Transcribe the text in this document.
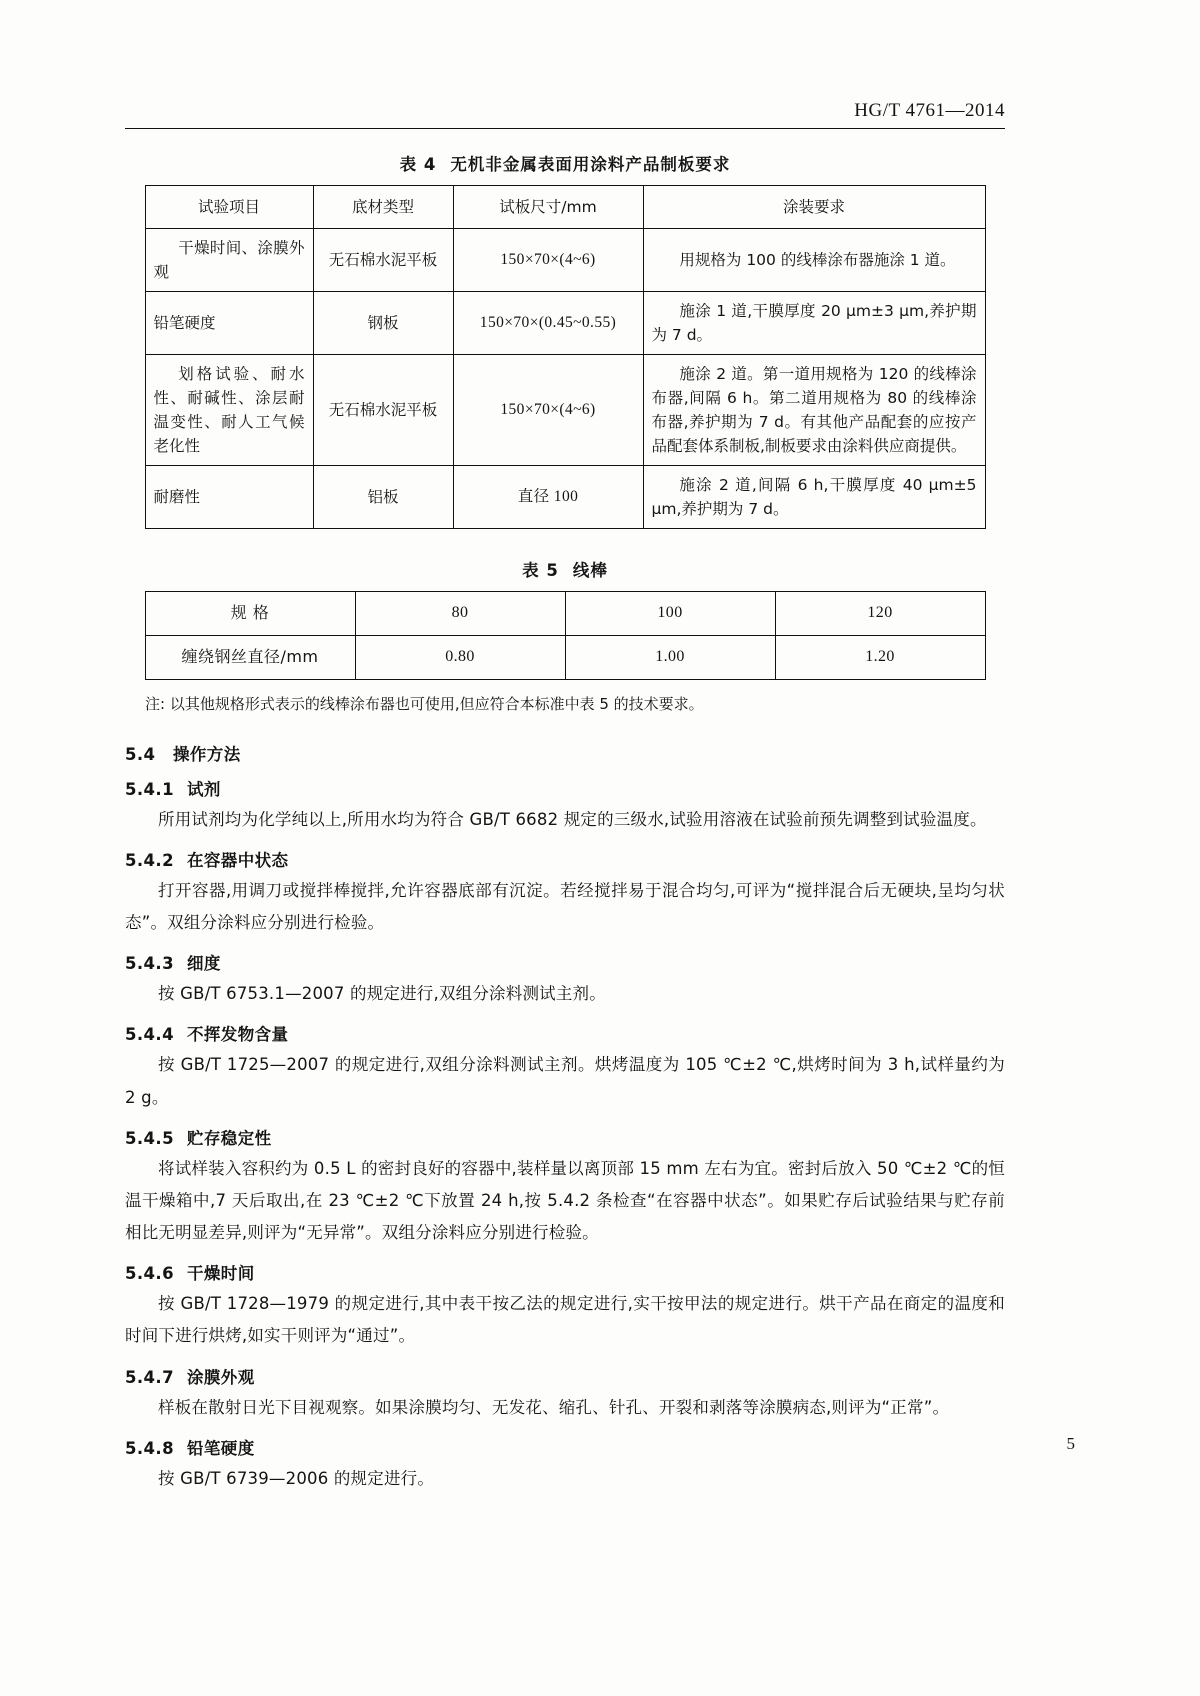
HG/T 4761—2014
表 4 无机非金属表面用涂料产品制板要求
试验项目	底材类型	试板尺寸/mm	涂装要求
干燥时间、涂膜外观	无石棉水泥平板	150×70×(4~6)	用规格为 100 的线棒涂布器施涂 1 道。
铅笔硬度	钢板	150×70×(0.45~0.55)	施涂 1 道,干膜厚度 20 μm±3 μm,养护期为 7 d。
划格试验、耐水性、耐碱性、涂层耐温变性、耐人工气候老化性	无石棉水泥平板	150×70×(4~6)	施涂 2 道。第一道用规格为 120 的线棒涂布器,间隔 6 h。第二道用规格为 80 的线棒涂布器,养护期为 7 d。有其他产品配套的应按产品配套体系制板,制板要求由涂料供应商提供。
耐磨性	铝板	直径 100	施涂 2 道,间隔 6 h,干膜厚度 40 μm±5 μm,养护期为 7 d。
表 5 线棒
规 格	80	100	120
缠绕钢丝直径/mm	0.80	1.00	1.20
注: 以其他规格形式表示的线棒涂布器也可使用,但应符合本标准中表 5 的技术要求。
5.4 操作方法
5.4.1 试剂

所用试剂均为化学纯以上,所用水均为符合 GB/T 6682 规定的三级水,试验用溶液在试验前预先调整到试验温度。

5.4.2 在容器中状态

打开容器,用调刀或搅拌棒搅拌,允许容器底部有沉淀。若经搅拌易于混合均匀,可评为“搅拌混合后无硬块,呈均匀状态”。双组分涂料应分别进行检验。

5.4.3 细度

按 GB/T 6753.1—2007 的规定进行,双组分涂料测试主剂。

5.4.4 不挥发物含量

按 GB/T 1725—2007 的规定进行,双组分涂料测试主剂。烘烤温度为 105 ℃±2 ℃,烘烤时间为 3 h,试样量约为 2 g。

5.4.5 贮存稳定性

将试样装入容积约为 0.5 L 的密封良好的容器中,装样量以离顶部 15 mm 左右为宜。密封后放入 50 ℃±2 ℃的恒温干燥箱中,7 天后取出,在 23 ℃±2 ℃下放置 24 h,按 5.4.2 条检查“在容器中状态”。如果贮存后试验结果与贮存前相比无明显差异,则评为“无异常”。双组分涂料应分别进行检验。

5.4.6 干燥时间

按 GB/T 1728—1979 的规定进行,其中表干按乙法的规定进行,实干按甲法的规定进行。烘干产品在商定的温度和时间下进行烘烤,如实干则评为“通过”。

5.4.7 涂膜外观

样板在散射日光下目视观察。如果涂膜均匀、无发花、缩孔、针孔、开裂和剥落等涂膜病态,则评为“正常”。

5.4.8 铅笔硬度

按 GB/T 6739—2006 的规定进行。

5
